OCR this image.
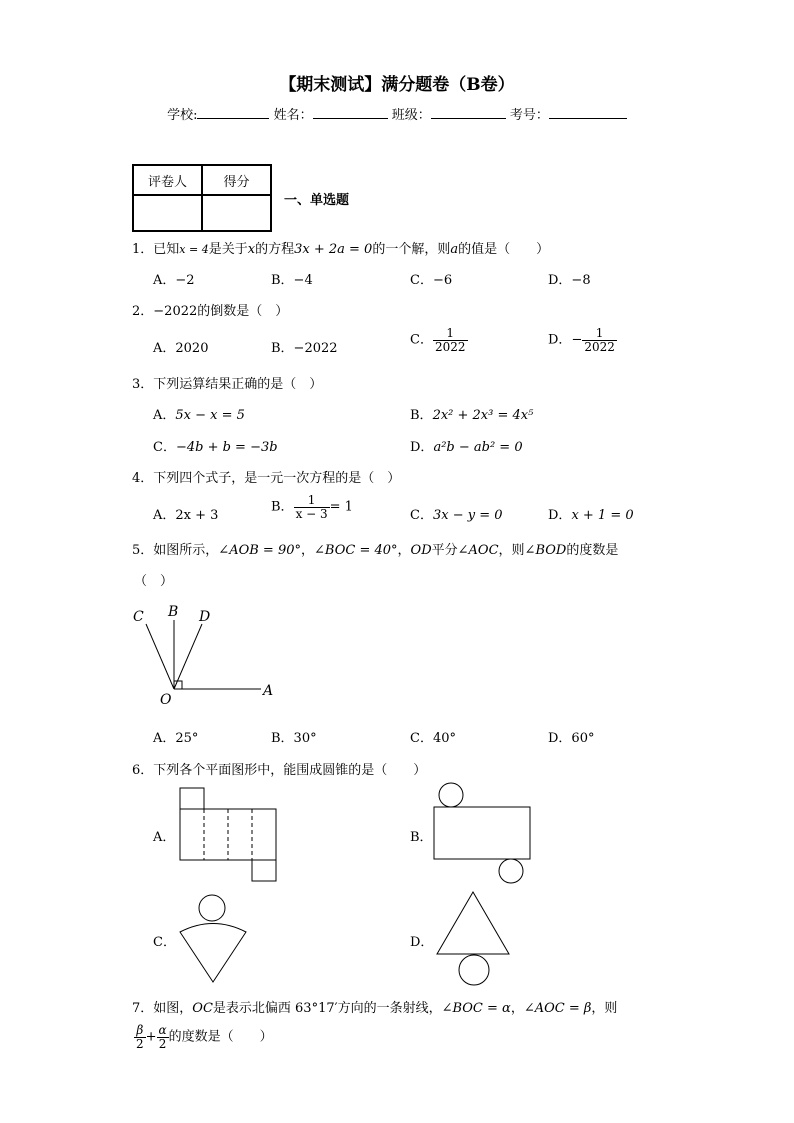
【期末测试】满分题卷（B卷）
学校:	姓名：	班级：	考号：
评卷人	得分

一、单选题
1．已知x = 4是关于x的方程3x + 2a = 0的一个解，则a的值是（　　）
A．−2	B．−4	C．−6	D．−8
2．−2022的倒数是（　）
A．2020	B．−2022
C． $\frac{1}{2022}$	D．− $\frac{1}{2022}$
3．下列运算结果正确的是（　）
A．5x − x = 5	B．2x² + 2x³ = 4x⁵
C．−4b + b = −3b	D．a²b − ab² = 0
4．下列四个式子，是一元一次方程的是（　）
A．2x + 3
B． $\frac{1}{x - 3} = 1$
C．3x − y = 0	D．x + 1 = 0
5．如图所示，∠AOB = 90°，∠BOC = 40°，OD平分∠AOC，则∠BOD的度数是
（　）
C B D
O
A
A．25°	B．30°	C．40°	D．60°
6．下列各个平面图形中，能围成圆锥的是（　　）
A．	B．
C．	D．
7．如图，OC是表示北偏西 63°17′方向的一条射线，∠BOC = α，∠AOC = β，则
$\frac{\beta}{2} + \frac{\alpha}{2}$ 的度数是（　　）
